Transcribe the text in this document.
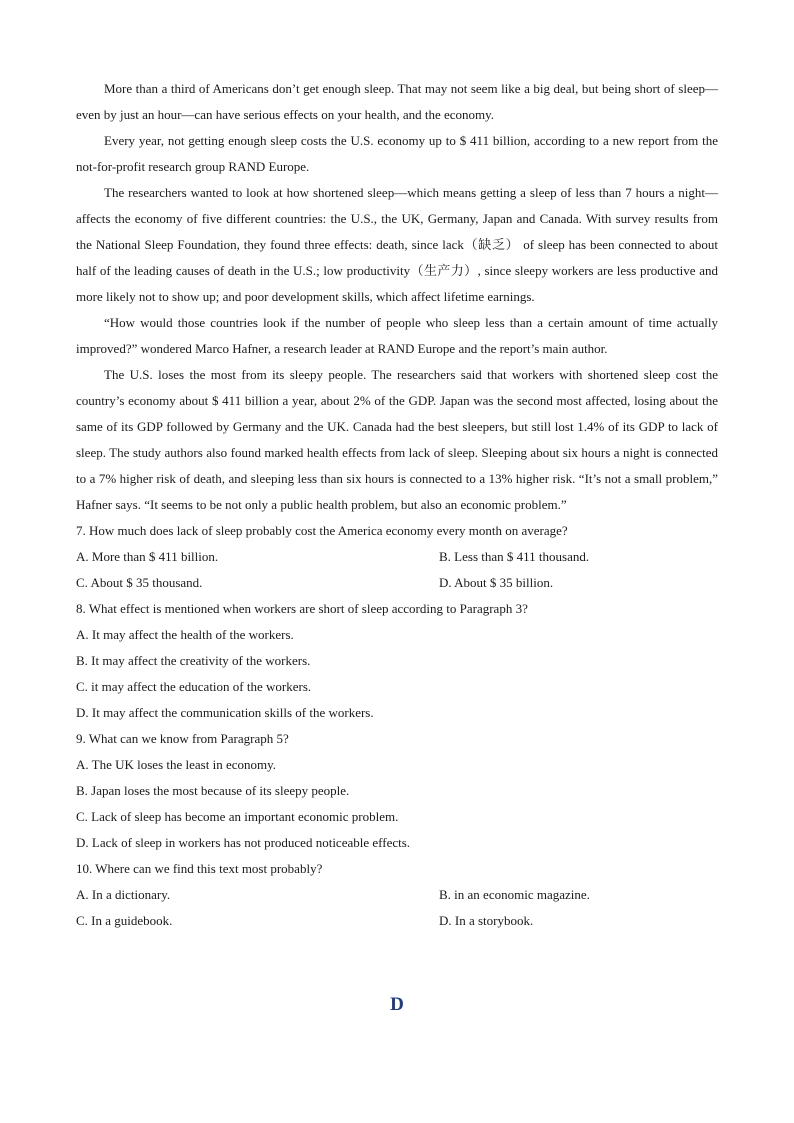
More than a third of Americans don’t get enough sleep. That may not seem like a big deal, but being short of sleep—even by just an hour—can have serious effects on your health, and the economy.

Every year, not getting enough sleep costs the U.S. economy up to $ 411 billion, according to a new report from the not-for-profit research group RAND Europe.

The researchers wanted to look at how shortened sleep—which means getting a sleep of less than 7 hours a night—affects the economy of five different countries: the U.S., the UK, Germany, Japan and Canada. With survey results from the National Sleep Foundation, they found three effects: death, since lack（缺乏） of sleep has been connected to about half of the leading causes of death in the U.S.; low productivity（生产力）, since sleepy workers are less productive and more likely not to show up; and poor development skills, which affect lifetime earnings.

“How would those countries look if the number of people who sleep less than a certain amount of time actually improved?” wondered Marco Hafner, a research leader at RAND Europe and the report’s main author.

The U.S. loses the most from its sleepy people. The researchers said that workers with shortened sleep cost the country’s economy about $ 411 billion a year, about 2% of the GDP. Japan was the second most affected, losing about the same of its GDP followed by Germany and the UK. Canada had the best sleepers, but still lost 1.4% of its GDP to lack of sleep. The study authors also found marked health effects from lack of sleep. Sleeping about six hours a night is connected to a 7% higher risk of death, and sleeping less than six hours is connected to a 13% higher risk. “It’s not a small problem,” Hafner says. “It seems to be not only a public health problem, but also an economic problem.”

7. How much does lack of sleep probably cost the America economy every month on average?

A. More than $ 411 billion.	B. Less than $ 411 thousand.
C. About $ 35 thousand.	D. About $ 35 billion.

8. What effect is mentioned when workers are short of sleep according to Paragraph 3?

A. It may affect the health of the workers.

B. It may affect the creativity of the workers.

C. it may affect the education of the workers.

D. It may affect the communication skills of the workers.

9. What can we know from Paragraph 5?

A. The UK loses the least in economy.

B. Japan loses the most because of its sleepy people.

C. Lack of sleep has become an important economic problem.

D. Lack of sleep in workers has not produced noticeable effects.

10. Where can we find this text most probably?

A. In a dictionary.	B. in an economic magazine.
C. In a guidebook.	D. In a storybook.
D
